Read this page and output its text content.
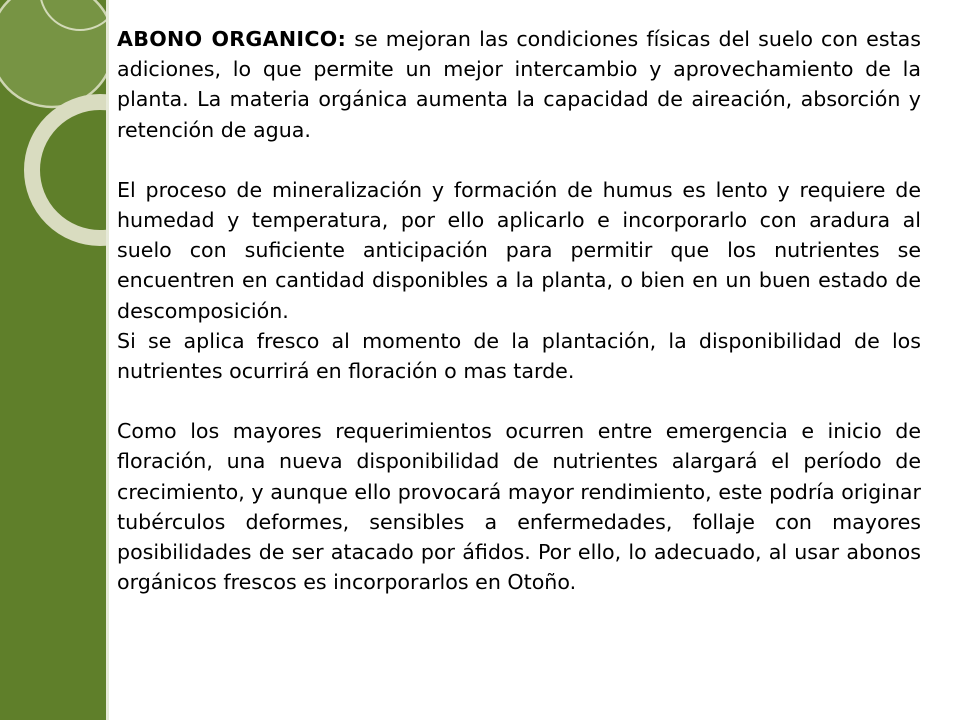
ABONO ORGANICO: se mejoran las condiciones físicas del suelo con estas adiciones, lo que permite un mejor intercambio y aprovechamiento de la planta. La materia orgánica aumenta la capacidad de aireación, absorción y retención de agua.

El proceso de mineralización y formación de humus es lento y requiere de humedad y temperatura, por ello aplicarlo e incorporarlo con aradura al suelo con suficiente anticipación para permitir que los nutrientes se encuentren en cantidad disponibles a la planta, o bien en un buen estado de descomposición.

Si se aplica fresco al momento de la plantación, la disponibilidad de los nutrientes ocurrirá en floración o mas tarde.

Como los mayores requerimientos ocurren entre emergencia e inicio de floración, una nueva disponibilidad de nutrientes alargará el período de crecimiento, y aunque ello provocará mayor rendimiento, este podría originar tubérculos deformes, sensibles a enfermedades, follaje con mayores posibilidades de ser atacado por áfidos. Por ello, lo adecuado, al usar abonos orgánicos frescos es incorporarlos en Otoño.
